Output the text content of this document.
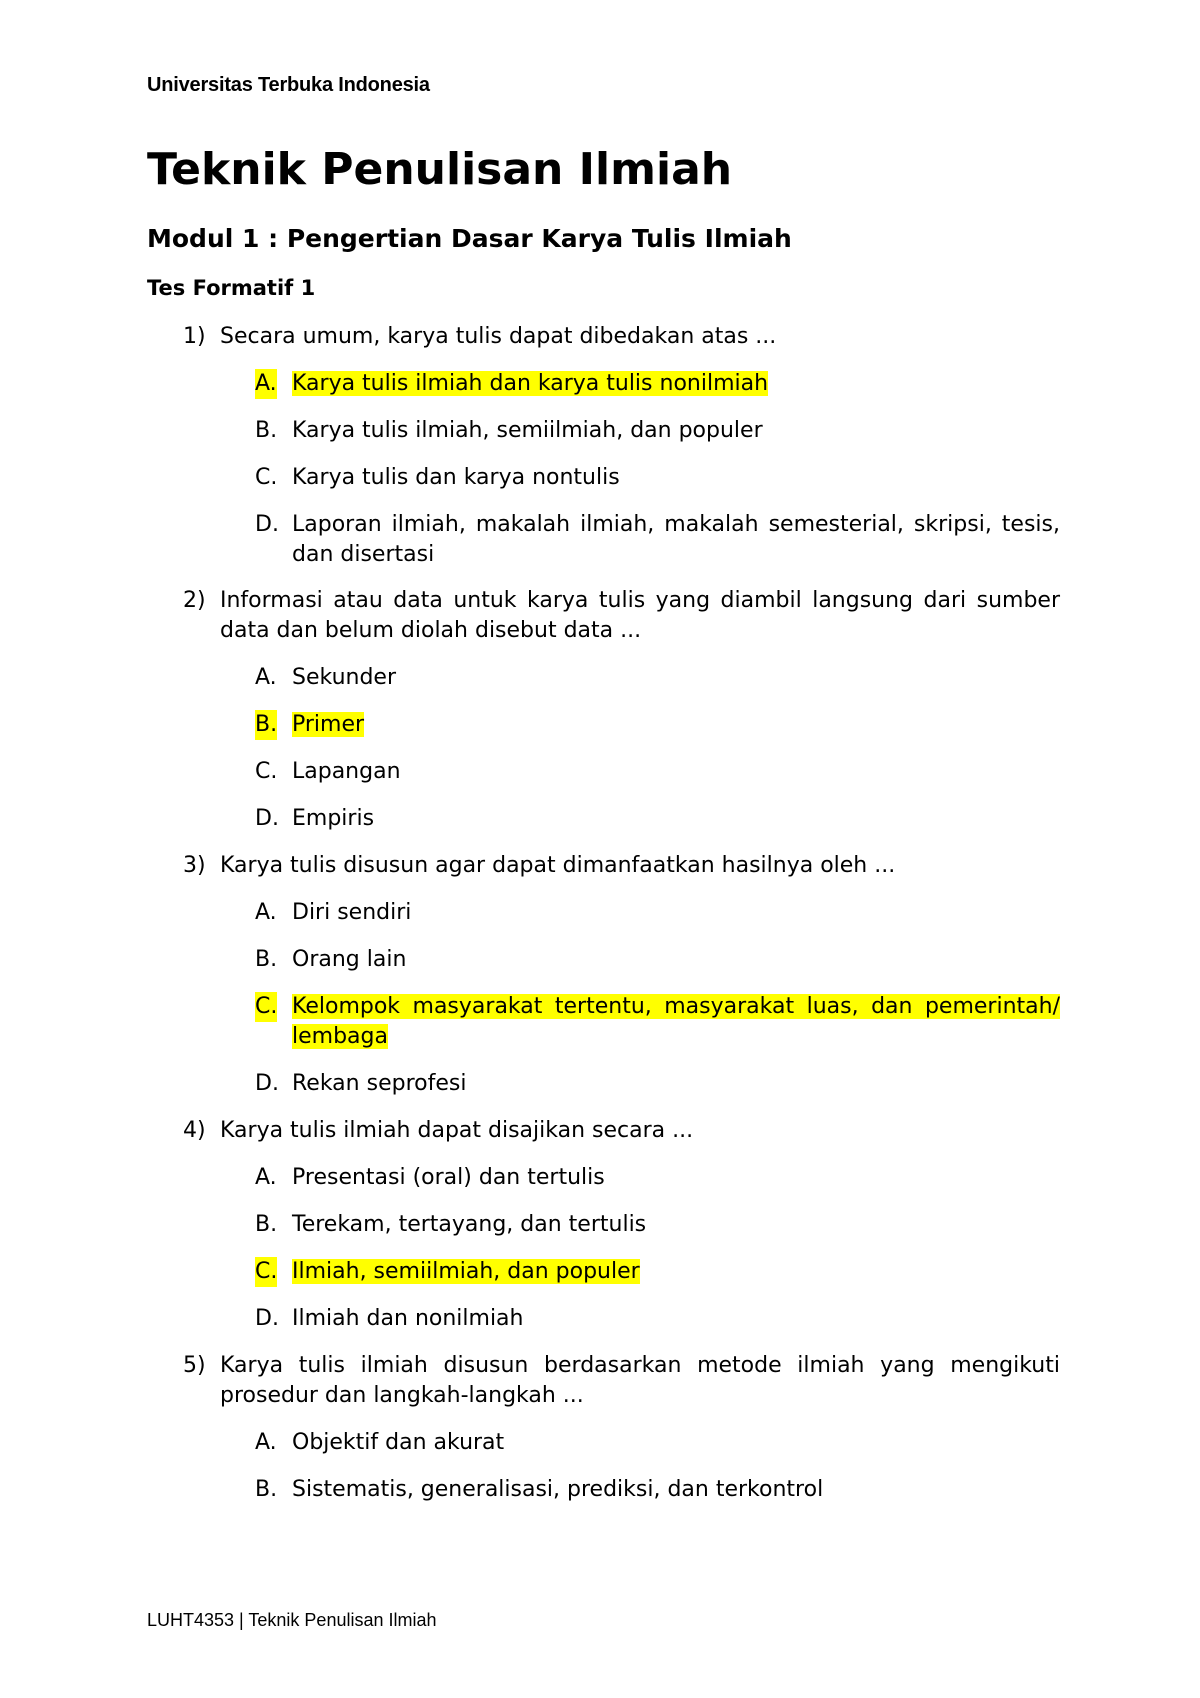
Universitas Terbuka Indonesia
Teknik Penulisan Ilmiah
Modul 1 : Pengertian Dasar Karya Tulis Ilmiah
Tes Formatif 1
1) Secara umum, karya tulis dapat dibedakan atas ...
A. Karya tulis ilmiah dan karya tulis nonilmiah
B. Karya tulis ilmiah, semiilmiah, dan populer
C. Karya tulis dan karya nontulis
D. Laporan ilmiah, makalah ilmiah, makalah semesterial, skripsi, tesis, dan disertasi
2) Informasi atau data untuk karya tulis yang diambil langsung dari sumber data dan belum diolah disebut data ...
A. Sekunder
B. Primer
C. Lapangan
D. Empiris
3) Karya tulis disusun agar dapat dimanfaatkan hasilnya oleh ...
A. Diri sendiri
B. Orang lain
C. Kelompok masyarakat tertentu, masyarakat luas, dan pemerintah/ lembaga
D. Rekan seprofesi
4) Karya tulis ilmiah dapat disajikan secara ...
A. Presentasi (oral) dan tertulis
B. Terekam, tertayang, dan tertulis
C. Ilmiah, semiilmiah, dan populer
D. Ilmiah dan nonilmiah
5) Karya tulis ilmiah disusun berdasarkan metode ilmiah yang mengikuti prosedur dan langkah-langkah ...
A. Objektif dan akurat
B. Sistematis, generalisasi, prediksi, dan terkontrol
LUHT4353 | Teknik Penulisan Ilmiah
